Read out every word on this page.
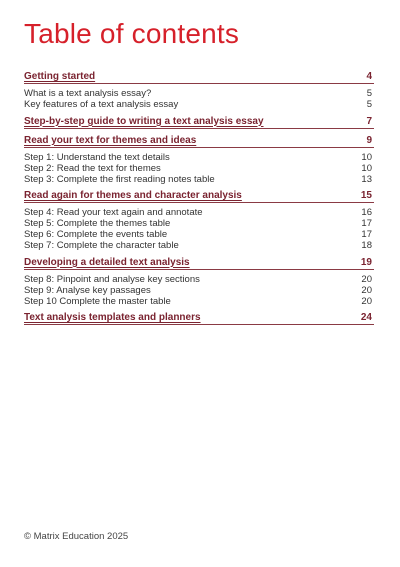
Table of contents
Getting started	4
What is a text analysis essay?	5
Key features of a text analysis essay	5
Step-by-step guide to writing a text analysis essay	7
Read your text for themes and ideas	9
Step 1: Understand the text details	10
Step 2: Read the text for themes	10
Step 3: Complete the first reading notes table	13
Read again for themes and character analysis	15
Step 4: Read your text again and annotate	16
Step 5: Complete the themes table	17
Step 6: Complete the events table	17
Step 7: Complete the character table	18
Developing a detailed text analysis	19
Step 8: Pinpoint and analyse key sections	20
Step 9: Analyse key passages	20
Step 10 Complete the master table	20
Text analysis templates and planners	24
© Matrix Education 2025
